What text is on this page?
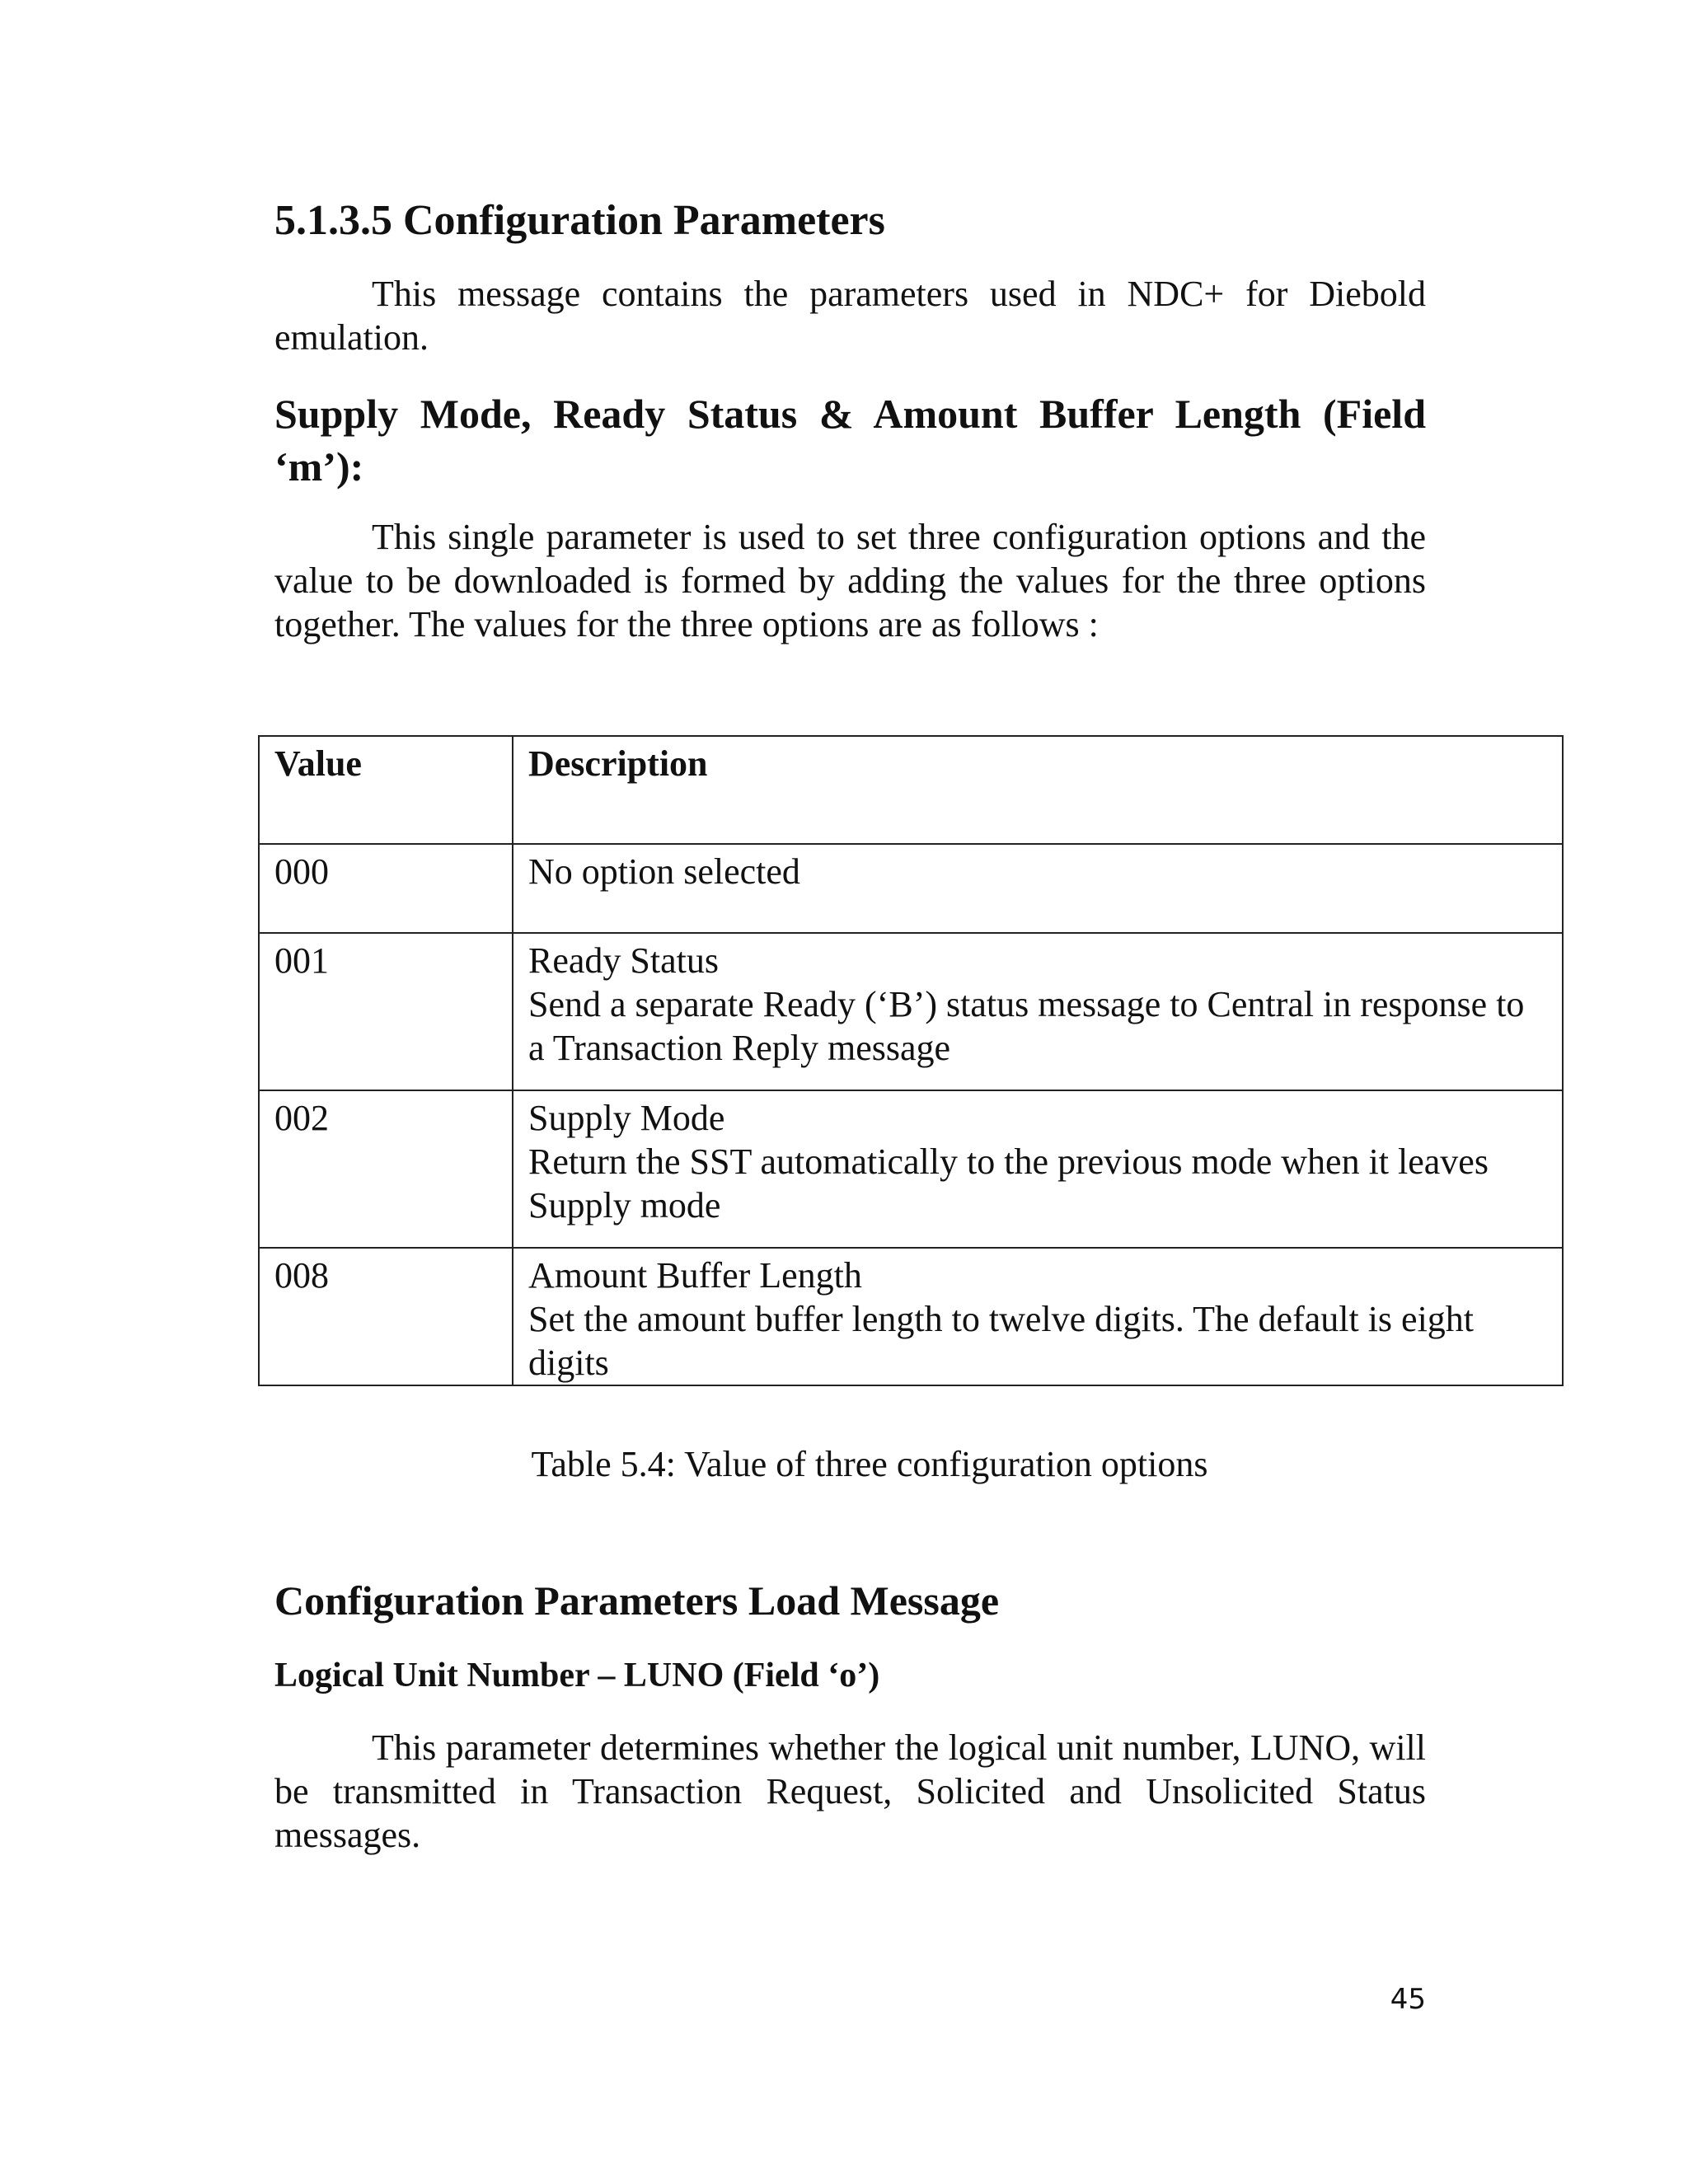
5.1.3.5 Configuration Parameters

This message contains the parameters used in NDC+ for Diebold emulation.

Supply Mode, Ready Status & Amount Buffer Length (Field ‘m’):

This single parameter is used to set three configuration options and the value to be downloaded is formed by adding the values for the three options together. The values for the three options are as follows :

Value	Description
000	No option selected

001	Ready Status
Send a separate Ready (‘B’) status message to Central in response to a Transaction Reply message

002	Supply Mode
Return the SST automatically to the previous mode when it leaves Supply mode

008	Amount Buffer Length
Set the amount buffer length to twelve digits. The default is eight digits

Table 5.4: Value of three configuration options

Configuration Parameters Load Message
Logical Unit Number – LUNO (Field ‘o’)

This parameter determines whether the logical unit number, LUNO, will be transmitted in Transaction Request, Solicited and Unsolicited Status messages.

45
